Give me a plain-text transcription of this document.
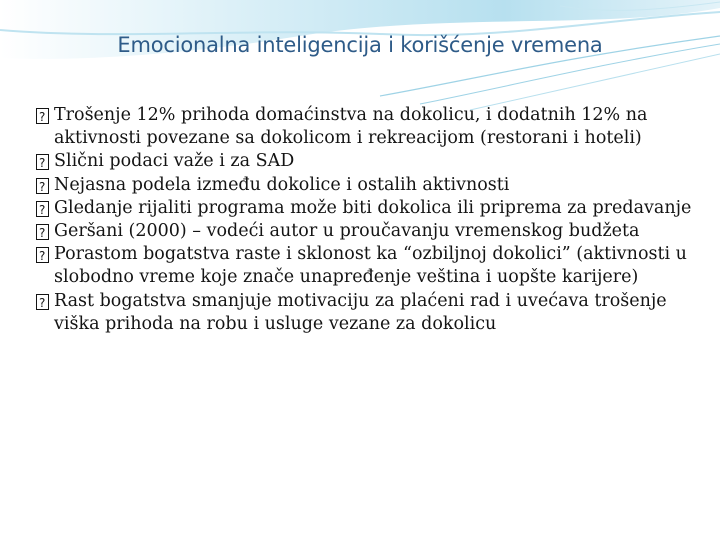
Emocionalna inteligencija i korišćenje vremena
?
Trošenje 12% prihoda domaćinstva na dokolicu, i dodatnih 12% na aktivnosti povezane sa dokolicom i rekreacijom (restorani i hoteli)
?
Slični podaci važe i za SAD
?
Nejasna podela između dokolice i ostalih aktivnosti
?
Gledanje rijaliti programa može biti dokolica ili priprema za predavanje
?
Geršani (2000) – vodeći autor u proučavanju vremenskog budžeta
?
Porastom bogatstva raste i sklonost ka “ozbiljnoj dokolici” (aktivnosti u slobodno vreme koje znače unapređenje veština i uopšte karijere)
?
Rast bogatstva smanjuje motivaciju za plaćeni rad i uvećava trošenje viška prihoda na robu i usluge vezane za dokolicu
